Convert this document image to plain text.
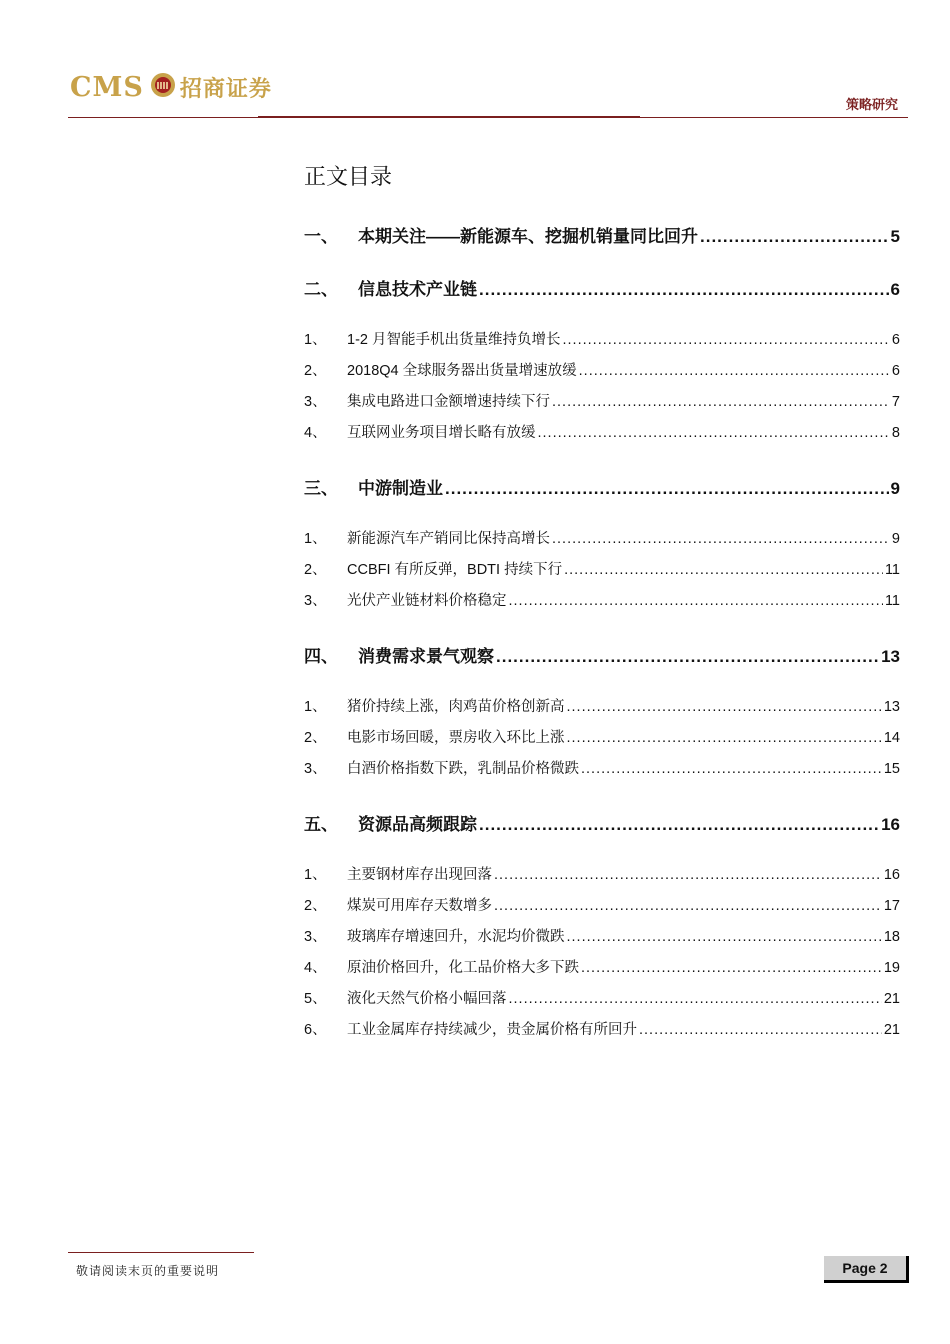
CMS 招商证券
策略研究
正文目录
一、	本期关注——新能源车、挖掘机销量同比回升 .....	5
二、	信息技术产业链 .....	6
1、	1-2 月智能手机出货量维持负增长 .....	6
2、	2018Q4 全球服务器出货量增速放缓 .....	6
3、	集成电路进口金额增速持续下行 .....	7
4、	互联网业务项目增长略有放缓 .....	8
三、	中游制造业 .....	9
1、	新能源汽车产销同比保持高增长 .....	9
2、	CCBFI 有所反弹，BDTI 持续下行 .....	11
3、	光伏产业链材料价格稳定 .....	11
四、	消费需求景气观察 .....	13
1、	猪价持续上涨，肉鸡苗价格创新高 .....	13
2、	电影市场回暖，票房收入环比上涨 .....	14
3、	白酒价格指数下跌，乳制品价格微跌 .....	15
五、	资源品高频跟踪 .....	16
1、	主要钢材库存出现回落 .....	16
2、	煤炭可用库存天数增多 .....	17
3、	玻璃库存增速回升，水泥均价微跌 .....	18
4、	原油价格回升，化工品价格大多下跌 .....	19
5、	液化天然气价格小幅回落 .....	21
6、	工业金属库存持续减少，贵金属价格有所回升 .....	21
敬请阅读末页的重要说明	Page 2
